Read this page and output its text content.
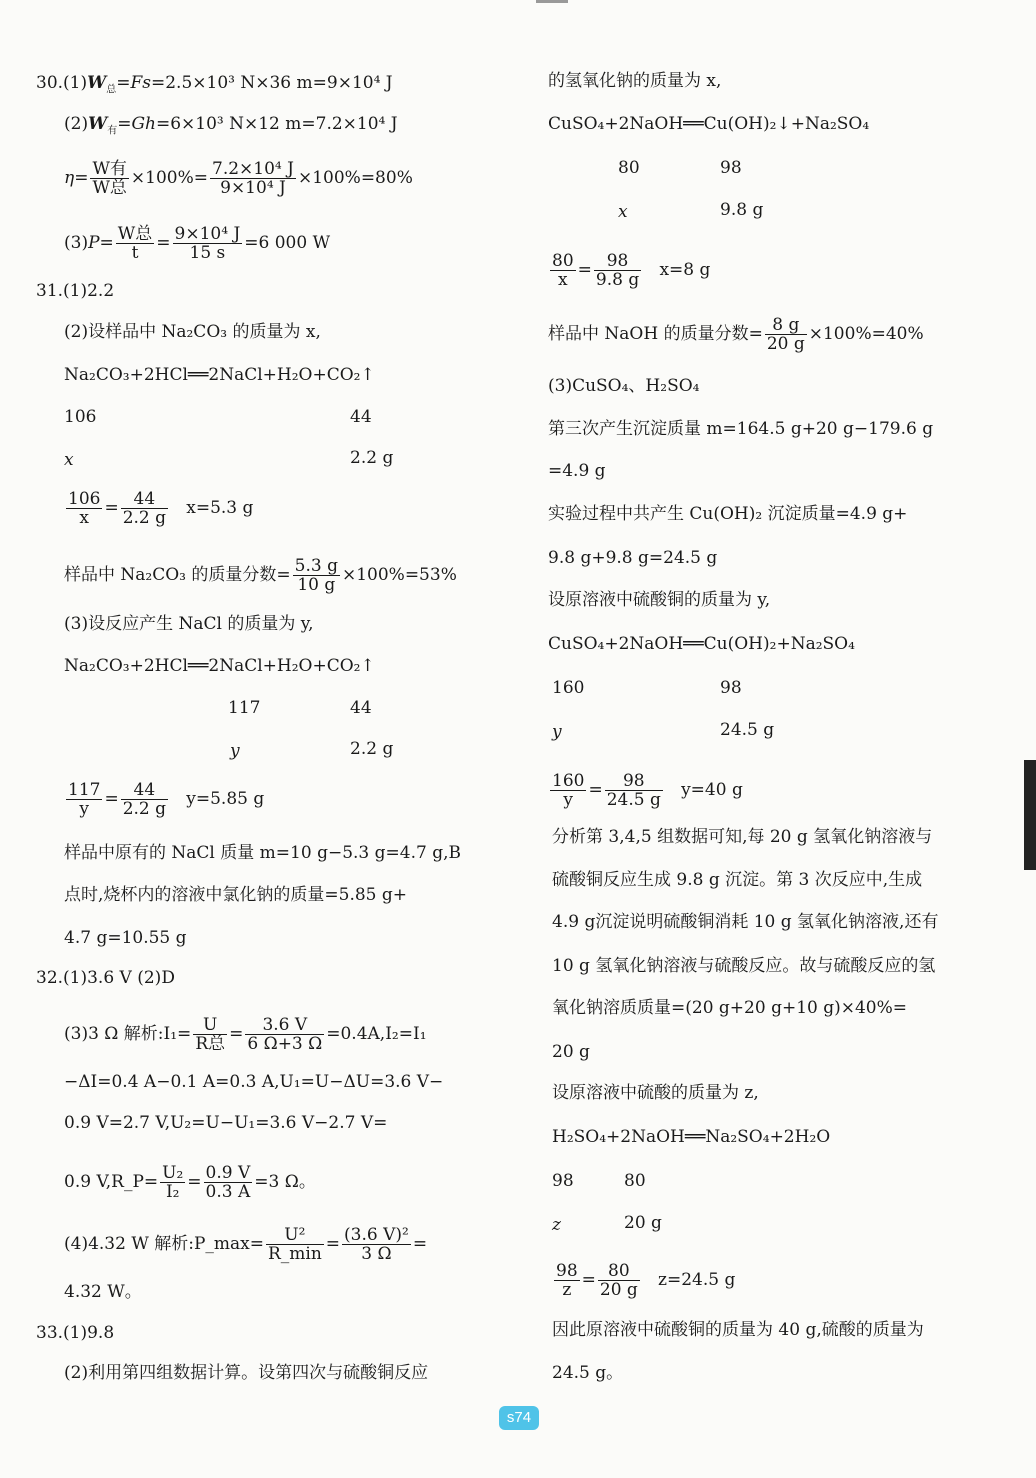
$30.(1)W_总=Fs=2.5\times 10^3$ N×36 m=9×10⁴ J
$(2)W_有=Gh=6\times 10^3$ N×12 m=7.2×10⁴ J
η= W有
W总 $\times 100\%= \frac{\text{7.2×10⁴ J}}{\text{9×10⁴ J}} \times 100\%=80\%$
(3)P= W总
t	= $\frac{\text{9×10⁴ J}}{15 s} =6$ 000 W
31.(1)2.2
(2)设样品中 Na₂CO₃ 的质量为 x,
Na₂CO₃+2HCl══2NaCl+H₂O+CO₂↑
106	44
x	2.2 g
$\frac{106}{x} = \frac{44}{2.2 g} x=5.3$ g
样品中 Na₂CO₃ 的质量分数= $\frac{5.3 g}{10 g} \times 100\%=53\%$
(3)设反应产生 NaCl 的质量为 y,
Na₂CO₃+2HCl══2NaCl+H₂O+CO₂↑
117	44
y	2.2 g
$\frac{117}{y} = \frac{44}{2.2 g} y=5.85$ g
样品中原有的 NaCl 质量 m=10 g−5.3 g=4.7 g,B
点时,烧杯内的溶液中氯化钠的质量=5.85 g+
4.7 g=10.55 g
32.(1)3.6 V (2)D
(3)3 Ω 解析:I₁= U
R总 = $\frac{3.6 V}{6 \Omega+3 \Omega} =0.4A,I_2=I_1$
−ΔI=0.4 A−0.1 A=0.3 A,U₁=U−ΔU=3.6 V−
0.9 V=2.7 V,U₂=U−U₁=3.6 V−2.7 V=
0.9 V,R_P= $\frac{\text{U₂}}{\text{I₂}} = \frac{0.9 V}{0.3 A} =3$ Ω。
(4)4.32 W 解析:P_max=	U²
R_min = $\frac{\text{(3.6 V)²}}{3 \Omega}$ =
4.32 W。
33.(1)9.8
(2)利用第四组数据计算。设第四次与硫酸铜反应
的氢氧化钠的质量为 x,
CuSO₄+2NaOH══Cu(OH)₂↓+Na₂SO₄
80	98
x	9.8 g
$\frac{80}{x} = \frac{98}{9.8 g} x=8$ g
样品中 NaOH 的质量分数= $\frac{8 g}{20 g} \times 100\%=40\%$
(3)CuSO₄、H₂SO₄
第三次产生沉淀质量 m=164.5 g+20 g−179.6 g
=4.9 g
实验过程中共产生 Cu(OH)₂ 沉淀质量=4.9 g+
9.8 g+9.8 g=24.5 g
设原溶液中硫酸铜的质量为 y,
CuSO₄+2NaOH══Cu(OH)₂+Na₂SO₄
160	98
y	24.5 g
$\frac{160}{y} = \frac{98}{24.5 g} y=40$ g
分析第 3,4,5 组数据可知,每 20 g 氢氧化钠溶液与
硫酸铜反应生成 9.8 g 沉淀。第 3 次反应中,生成
4.9 g沉淀说明硫酸铜消耗 10 g 氢氧化钠溶液,还有
10 g 氢氧化钠溶液与硫酸反应。故与硫酸反应的氢
氧化钠溶质质量=(20 g+20 g+10 g)×40%=
20 g
设原溶液中硫酸的质量为 z,
H₂SO₄+2NaOH══Na₂SO₄+2H₂O
98	80
z	20 g
$\frac{98}{z} = \frac{80}{20 g} z=24.5$ g
因此原溶液中硫酸铜的质量为 40 g,硫酸的质量为
24.5 g。
s74
